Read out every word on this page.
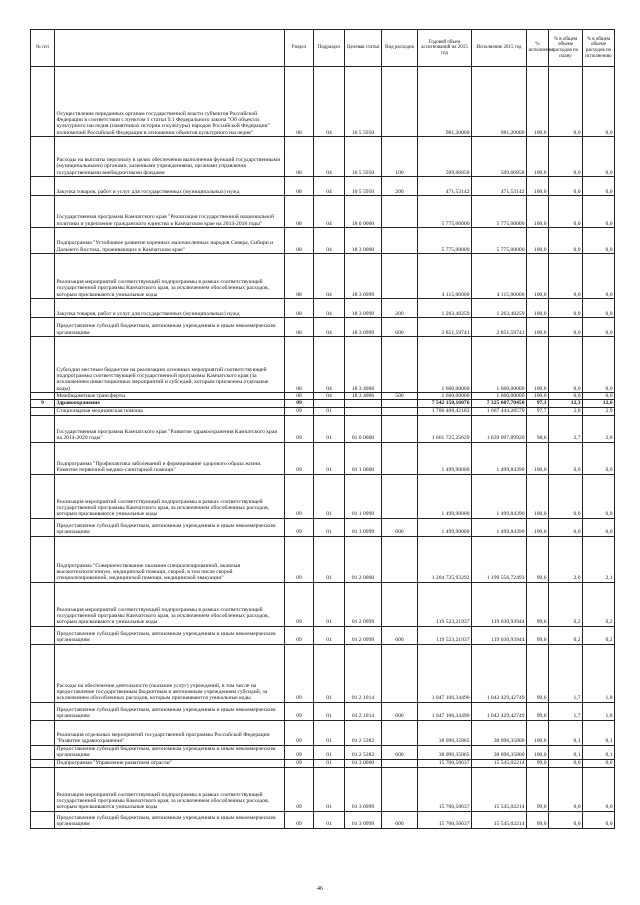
№ п/п		Раздел	Подраздел	Целевая статья	Вид расходов	Годовой объем ассигнований на 2015 год	Исполнение 2015 год	% исполнения	% в общем объеме расходов по плану	% в общем объеме расходов по исполнению
	Осуществление переданных органам государственной власти субъектов Российской Федерации в соответствии с пунктом 1 статьи 9.1 Федерального закона "Об объектах культурного наследия (памятниках истории и культуры) народов Российской Федерации" полномочий Российской Федерации в отношении объектов культурного наследия"	08	04	10 5 5950		981,20000	981,20000	100,0	0,0	0,0
	Расходы на выплаты персоналу в целях обеспечения выполнения функций государственными (муниципальными) органами, казенными учреждениями, органами управления государственными внебюджетными фондами	08	04	10 5 5950	100	509,66858	509,66858	100,0	0,0	0,0
	Закупка товаров, работ и услуг для государственных (муниципальных) нужд	08	04	10 5 5950	200	471,53142	471,53142	100,0	0,0	0,0
	Государственная программа Камчатского края "Реализация государственной национальной политики и укрепление гражданского единства в Камчатском крае на 2014-2018 годы"	08	04	18 0 0000		5 775,00000	5 775,00000	100,0	0,0	0,0
	Подпрограмма "Устойчивое развитие коренных малочисленных народов Севера, Сибири и Дальнего Востока, проживающих в Камчатском крае"	08	04	18 3 0000		5 775,00000	5 775,00000	100,0	0,0	0,0
	Реализация мероприятий соответствующей подпрограммы в рамках соответствующей государственной программы Камчатского края, за исключением обособленных расходов, которым присваиваются уникальные коды	08	04	18 3 0999		4 115,00000	4 115,00000	100,0	0,0	0,0
	Закупка товаров, работ и услуг для государственных (муниципальных) нужд	08	04	18 3 0999	200	1 263,40259	1 263,40259	100,0	0,0	0,0
	Предоставление субсидий бюджетным, автономным учреждениям и иным некоммерческим организациям	08	04	18 3 0999	600	2 851,59741	2 851,59741	100,0	0,0	0,0
	Субсидии местным бюджетам на реализацию основных мероприятий соответствующей подпрограммы соответствующей государственной программы Камчатского края (за исключением инвестиционных мероприятий и субсидий, которым присвоены отдельные коды)	08	04	18 3 4006		1 660,00000	1 660,00000	100,0	0,0	0,0
	Межбюджетные трансферты	08	04	18 3 4006	500	1 660,00000	1 660,00000	100,0	0,0	0,0
9	Здравоохранение	09				7 542 150,16076	7 325 607,70450	97,1	12,3	12,6
	Стационарная медицинская помощь	09	01			1 706 408,42183	1 667 444,28579	97,7	2,8	2,9
	Государственная программа Камчатского края "Развитие здравоохранения Камчатского края на 2014-2020 годы"	09	01	01 0 0000		1 661 725,25629	1 639 097,89920	98,6	2,7	2,8
	Подпрограмма "Профилактика заболеваний и формирование здорового образа жизни. Развитие первичной медико-санитарной помощи"	09	01	01 1 0000		1 499,90000	1 499,84390	100,0	0,0	0,0
	Реализация мероприятий соответствующей подпрограммы в рамках соответствующей государственной программы Камчатского края, за исключением обособленных расходов, которым присваиваются уникальные коды	09	01	01 1 0999		1 499,90000	1 499,84390	100,0	0,0	0,0
	Предоставление субсидий бюджетным, автономным учреждениям и иным некоммерческим организациям	09	01	01 1 0999	600	1 499,90000	1 499,84390	100,0	0,0	0,0
	Подпрограмма "Совершенствование оказания специализированной, включая высокотехнологичную, медицинской помощи, скорой, в том числе скорой специализированной, медицинской помощи, медицинской эвакуации"	09	01	01 2 0000		1 204 725,93292	1 199 556,72493	99,6	2,0	2,1
	Реализация мероприятий соответствующей подпрограммы в рамках соответствующей государственной программы Камчатского края, за исключением обособленных расходов, которым присваиваются уникальные коды	09	01	01 2 0999		119 523,21937	119 030,93944	99,6	0,2	0,2
	Предоставление субсидий бюджетным, автономным учреждениям и иным некоммерческим организациям	09	01	01 2 0999	600	119 523,21937	119 030,93944	99,6	0,2	0,2
	Расходы на обеспечение деятельности (оказание услуг) учреждений, в том числе на предоставление государственным бюджетным и автономным учреждениям субсидий, за исключением обособленных расходов, которым присваиваются уникальные коды	09	01	01 2 1014		1 047 106,34490	1 042 429,42749	99,6	1,7	1,8
	Предоставление субсидий бюджетным, автономным учреждениям и иным некоммерческим организациям	09	01	01 2 1014	600	1 047 106,34490	1 042 429,42749	99,6	1,7	1,8
	Реализация отдельных мероприятий государственной программы Российской Федерации "Развитие здравоохранения"	09	01	01 2 5382		38 096,35865	38 096,35800	100,0	0,1	0,1
	Предоставление субсидий бюджетным, автономным учреждениям и иным некоммерческим организациям	09	01	01 2 5382	600	38 096,35865	38 096,35800	100,0	0,1	0,1
	Подпрограмма "Управление развитием отрасли"	09	01	01 3 0000		15 700,50637	15 545,02214	99,0	0,0	0,0
	Реализация мероприятий соответствующей подпрограммы в рамках соответствующей государственной программы Камчатского края, за исключением обособленных расходов, которым присваиваются уникальные коды	09	01	01 3 0999		15 700,50637	15 545,02214	99,0	0,0	0,0
	Предоставление субсидий бюджетным, автономным учреждениям и иным некоммерческим организациям	09	01	01 3 0999	600	15 700,50637	15 545,02214	99,0	0,0	0,0
46
